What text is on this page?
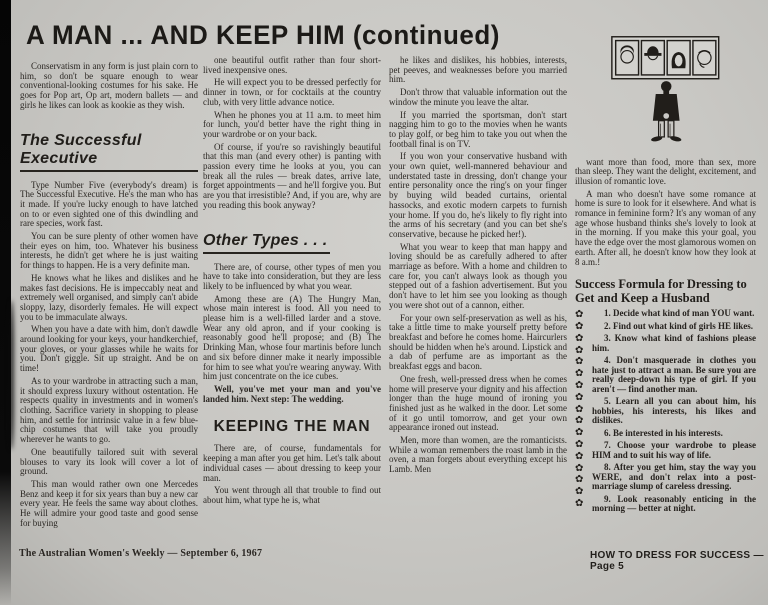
A MAN ... AND KEEP HIM (continued)

Conservatism in any form is just plain corn to him, so don't be square enough to wear conventional-looking costumes for his sake. He goes for Pop art, Op art, modern ballets — and girls he likes can look as kookie as they wish.

The Successful Executive

Type Number Five (everybody's dream) is The Successful Executive. He's the man who has it made. If you're lucky enough to have latched on to or even sighted one of this dwindling and rare species, work fast.

You can be sure plenty of other women have their eyes on him, too. Whatever his business interests, he didn't get where he is just waiting for things to happen. He is a very definite man.

He knows what he likes and dislikes and he makes fast decisions. He is impeccably neat and extremely well organised, and simply can't abide sloppy, lazy, disorderly females. He will expect you to be immaculate always.

When you have a date with him, don't dawdle around looking for your keys, your handkerchief, your gloves, or your glasses while he waits for you. Don't giggle. Sit up straight. And be on time!

As to your wardrobe in attracting such a man, it should express luxury without ostentation. He respects quality in investments and in women's clothing. Sacrifice variety in shopping to please him, and settle for intrinsic value in a few blue-chip costumes that will take you proudly wherever he wants to go.

One beautifully tailored suit with several blouses to vary its look will cover a lot of ground.

This man would rather own one Mercedes Benz and keep it for six years than buy a new car every year. He feels the same way about clothes. He will admire your good taste and good sense for buying

one beautiful outfit rather than four short-lived inexpensive ones.

He will expect you to be dressed perfectly for dinner in town, or for cocktails at the country club, with very little advance notice.

When he phones you at 11 a.m. to meet him for lunch, you'd better have the right thing in your wardrobe or on your back.

Of course, if you're so ravishingly beautiful that this man (and every other) is panting with passion every time he looks at you, you can break all the rules — break dates, arrive late, forget appointments — and he'll forgive you. But are you that irresistible? And, if you are, why are you reading this book anyway?

Other Types . . .

There are, of course, other types of men you have to take into consideration, but they are less likely to be influenced by what you wear.

Among these are (A) The Hungry Man, whose main interest is food. All you need to please him is a well-filled larder and a stove. Wear any old apron, and if your cooking is reasonably good he'll propose; and (B) The Drinking Man, whose four martinis before lunch and six before dinner make it nearly impossible for him to see what you're wearing anyway. With him just concentrate on the ice cubes.

Well, you've met your man and you've landed him. Next step: The wedding.

KEEPING THE MAN

There are, of course, fundamentals for keeping a man after you get him. Let's talk about individual cases — about dressing to keep your man.

You went through all that trouble to find out about him, what type he is, what

he likes and dislikes, his hobbies, interests, pet peeves, and weaknesses before you married him.

Don't throw that valuable information out the window the minute you leave the altar.

If you married the sportsman, don't start nagging him to go to the movies when he wants to play golf, or beg him to take you out when the football final is on TV.

If you won your conservative husband with your own quiet, well-mannered behaviour and understated taste in dressing, don't change your entire personality once the ring's on your finger by buying wild beaded curtains, oriental hassocks, and exotic modern carpets to furnish your home. If you do, he's likely to fly right into the arms of his secretary (and you can bet she's conservative, because he picked her!).

What you wear to keep that man happy and loving should be as carefully adhered to after marriage as before. With a home and children to care for, you can't always look as though you stepped out of a fashion advertisement. But you don't have to let him see you looking as though you were shot out of a cannon, either.

For your own self-preservation as well as his, take a little time to make yourself pretty before breakfast and before he comes home. Haircurlers should be hidden when he's around. Lipstick and a dab of perfume are as important as the breakfast eggs and bacon.

One fresh, well-pressed dress when he comes home will preserve your dignity and his affection longer than the huge mound of ironing you finished just as he walked in the door. Let some of it go until tomorrow, and get your own appearance ironed out instead.

Men, more than women, are the romanticists. While a woman remembers the roast lamb in the oven, a man forgets about everything except his Lamb. Men

want more than food, more than sex, more than sleep. They want the delight, excitement, and illusion of romantic love.

A man who doesn't have some romance at home is sure to look for it elsewhere. And what is romance in feminine form? It's any woman of any age whose husband thinks she's lovely to look at in the morning. If you make this your goal, you have the edge over the most glamorous women on earth. After all, he doesn't know how they look at 8 a.m.!

Success Formula for Dressing to Get and Keep a Husband
✿
✿
✿
✿
✿
✿
✿
✿
✿
✿
✿
✿
✿
✿
✿
✿
✿

1. Decide what kind of man YOU want.

2. Find out what kind of girls HE likes.

3. Know what kind of fashions please him.

4. Don't masquerade in clothes you hate just to attract a man. Be sure you are really deep-down his type of girl. If you aren't — find another man.

5. Learn all you can about him, his hobbies, his interests, his likes and dislikes.

6. Be interested in his interests.

7. Choose your wardrobe to please HIM and to suit his way of life.

8. After you get him, stay the way you WERE, and don't relax into a post-marriage slump of careless dressing.

9. Look reasonably enticing in the morning — better at night.

The Australian Women's Weekly — September 6, 1967	HOW TO DRESS FOR SUCCESS — Page 5
